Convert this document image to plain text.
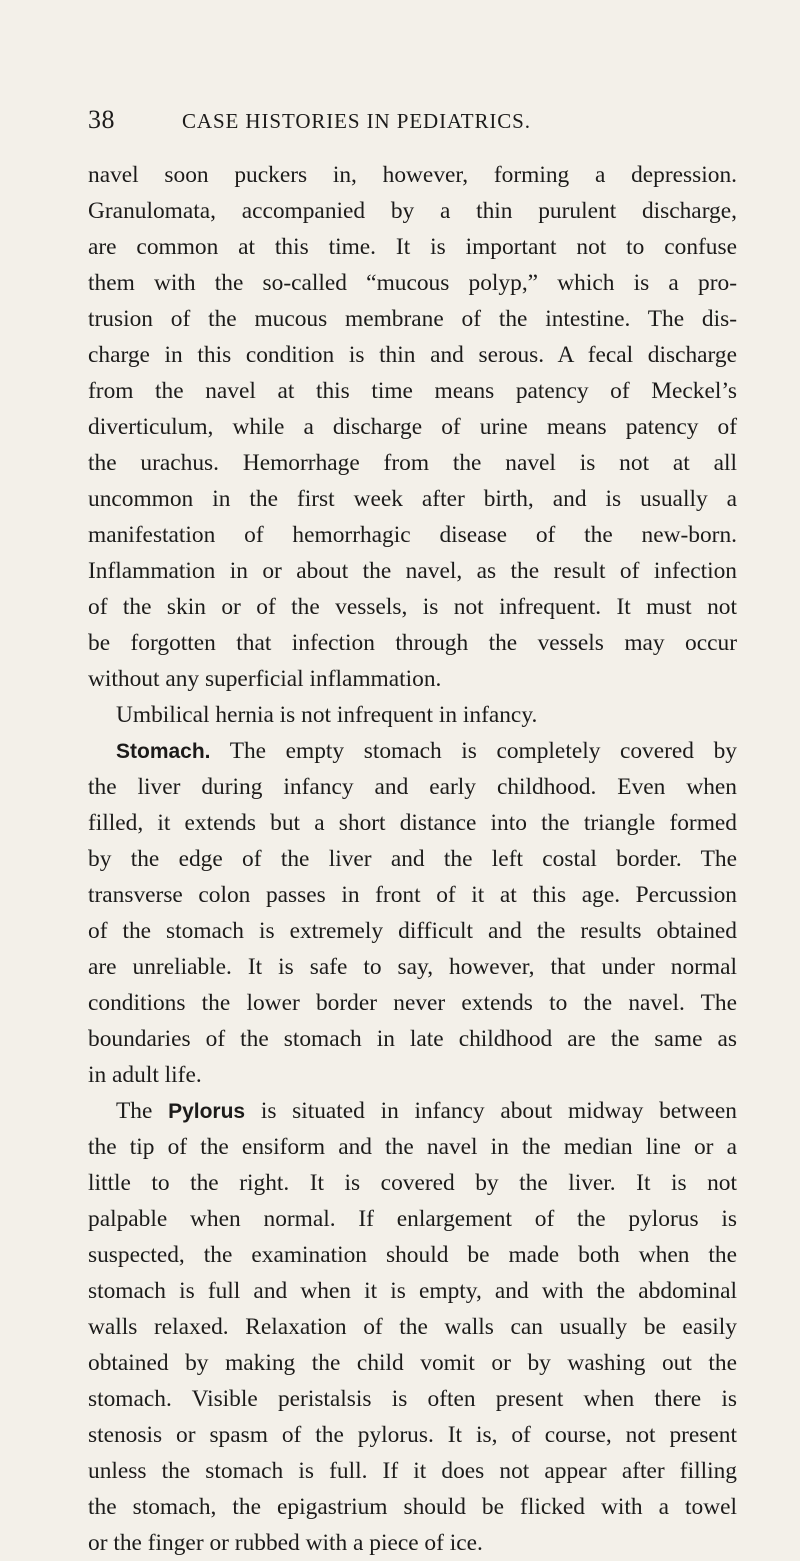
38	CASE HISTORIES IN PEDIATRICS.
navel soon puckers in, however, forming a depression.
Granulomata, accompanied by a thin purulent discharge,
are common at this time. It is important not to confuse
them with the so-called “mucous polyp,” which is a pro-
trusion of the mucous membrane of the intestine. The dis-
charge in this condition is thin and serous. A fecal discharge
from the navel at this time means patency of Meckel’s
diverticulum, while a discharge of urine means patency of
the urachus. Hemorrhage from the navel is not at all
uncommon in the first week after birth, and is usually a
manifestation of hemorrhagic disease of the new-born.
Inflammation in or about the navel, as the result of infection
of the skin or of the vessels, is not infrequent. It must not
be forgotten that infection through the vessels may occur
without any superficial inflammation.
Umbilical hernia is not infrequent in infancy.
Stomach. The empty stomach is completely covered by
the liver during infancy and early childhood. Even when
filled, it extends but a short distance into the triangle formed
by the edge of the liver and the left costal border. The
transverse colon passes in front of it at this age. Percussion
of the stomach is extremely difficult and the results obtained
are unreliable. It is safe to say, however, that under normal
conditions the lower border never extends to the navel. The
boundaries of the stomach in late childhood are the same as
in adult life.
The Pylorus is situated in infancy about midway between
the tip of the ensiform and the navel in the median line or a
little to the right. It is covered by the liver. It is not
palpable when normal. If enlargement of the pylorus is
suspected, the examination should be made both when the
stomach is full and when it is empty, and with the abdominal
walls relaxed. Relaxation of the walls can usually be easily
obtained by making the child vomit or by washing out the
stomach. Visible peristalsis is often present when there is
stenosis or spasm of the pylorus. It is, of course, not present
unless the stomach is full. If it does not appear after filling
the stomach, the epigastrium should be flicked with a towel
or the finger or rubbed with a piece of ice.
